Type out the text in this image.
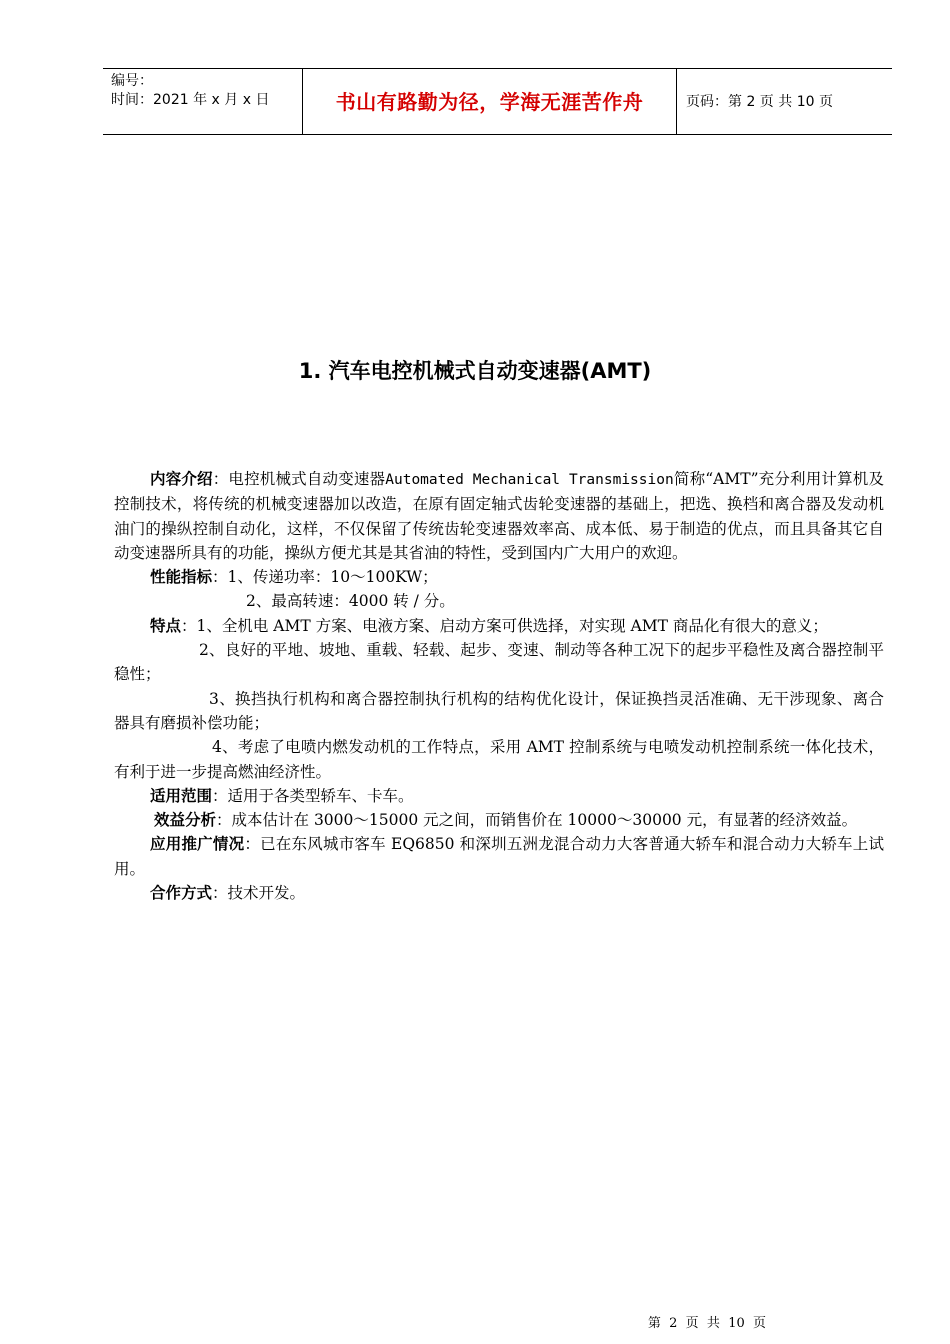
编号：
时间：2021 年 x 月 x 日	书山有路勤为径，学海无涯苦作舟	页码：第 2 页 共 10 页
1. 汽车电控机械式自动变速器(AMT)

内容介绍：电控机械式自动变速器Automated Mechanical Transmission简称“AMT”充分利用计算机及控制技术，将传统的机械变速器加以改造，在原有固定轴式齿轮变速器的基础上，把选、换档和离合器及发动机油门的操纵控制自动化，这样，不仅保留了传统齿轮变速器效率高、成本低、易于制造的优点，而且具备其它自动变速器所具有的功能，操纵方便尤其是其省油的特性，受到国内广大用户的欢迎。

性能指标：1、传递功率：10～100KW；

2、最高转速：4000 转 / 分。

特点：1、全机电 AMT 方案、电液方案、启动方案可供选择，对实现 AMT 商品化有很大的意义；

2、良好的平地、坡地、重载、轻载、起步、变速、制动等各种工况下的起步平稳性及离合器控制平稳性；

3、换挡执行机构和离合器控制执行机构的结构优化设计，保证换挡灵活准确、无干涉现象、离合器具有磨损补偿功能；

4、考虑了电喷内燃发动机的工作特点，采用 AMT 控制系统与电喷发动机控制系统一体化技术，有利于进一步提高燃油经济性。

适用范围：适用于各类型轿车、卡车。

效益分析：成本估计在 3000～15000 元之间，而销售价在 10000～30000 元，有显著的经济效益。

应用推广情况：已在东风城市客车 EQ6850 和深圳五洲龙混合动力大客普通大轿车和混合动力大轿车上试用。

合作方式：技术开发。

第  2  页  共  10  页
